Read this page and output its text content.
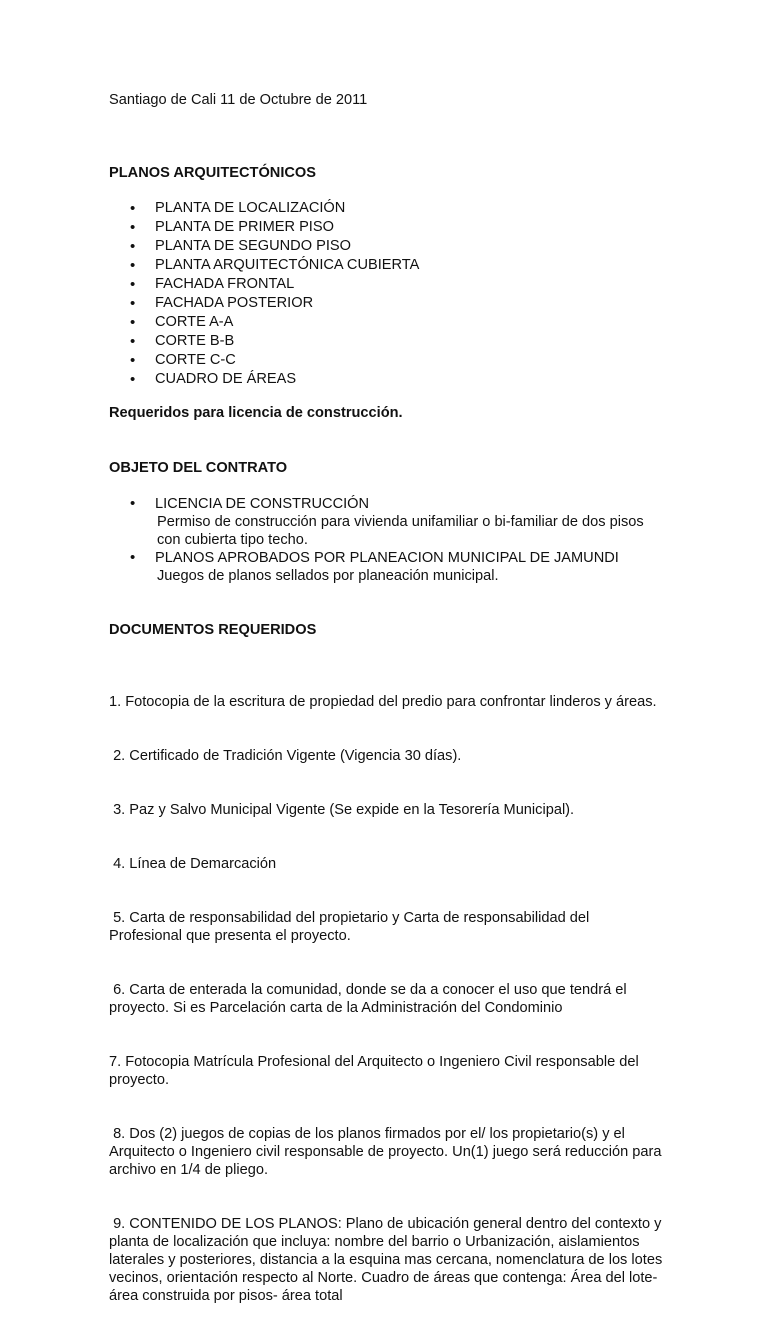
Santiago de Cali 11 de Octubre de 2011

PLANOS ARQUITECTÓNICOS

• PLANTA DE LOCALIZACIÓN
• PLANTA DE PRIMER PISO
• PLANTA DE SEGUNDO PISO
• PLANTA ARQUITECTÓNICA CUBIERTA
• FACHADA FRONTAL
• FACHADA POSTERIOR
• CORTE A-A
• CORTE B-B
• CORTE C-C
• CUADRO DE ÁREAS

Requeridos para licencia de construcción.

OBJETO DEL CONTRATO

• LICENCIA DE CONSTRUCCIÓN
Permiso de construcción para vivienda unifamiliar o bi-familiar de dos pisos con cubierta tipo techo.
• PLANOS APROBADOS POR PLANEACION MUNICIPAL DE JAMUNDI
Juegos de planos sellados por planeación municipal.

DOCUMENTOS REQUERIDOS

1. Fotocopia de la escritura de propiedad del predio para confrontar linderos y áreas.

2. Certificado de Tradición Vigente (Vigencia 30 días).

3. Paz y Salvo Municipal Vigente (Se expide en la Tesorería Municipal).

4. Línea de Demarcación

5. Carta de responsabilidad del propietario y Carta de responsabilidad del Profesional que presenta el proyecto.

6. Carta de enterada la comunidad, donde se da a conocer el uso que tendrá el proyecto. Si es Parcelación carta de la Administración del Condominio

7. Fotocopia Matrícula Profesional del Arquitecto o Ingeniero Civil responsable del proyecto.

8. Dos (2) juegos de copias de los planos firmados por el/ los propietario(s) y el Arquitecto o Ingeniero civil responsable de proyecto. Un(1) juego será reducción para archivo en 1/4 de pliego.

9. CONTENIDO DE LOS PLANOS: Plano de ubicación general dentro del contexto y planta de localización que incluya: nombre del barrio o Urbanización, aislamientos laterales y posteriores, distancia a la esquina mas cercana, nomenclatura de los lotes vecinos, orientación respecto al Norte. Cuadro de áreas que contenga: Área del lote- área construida por pisos- área total
